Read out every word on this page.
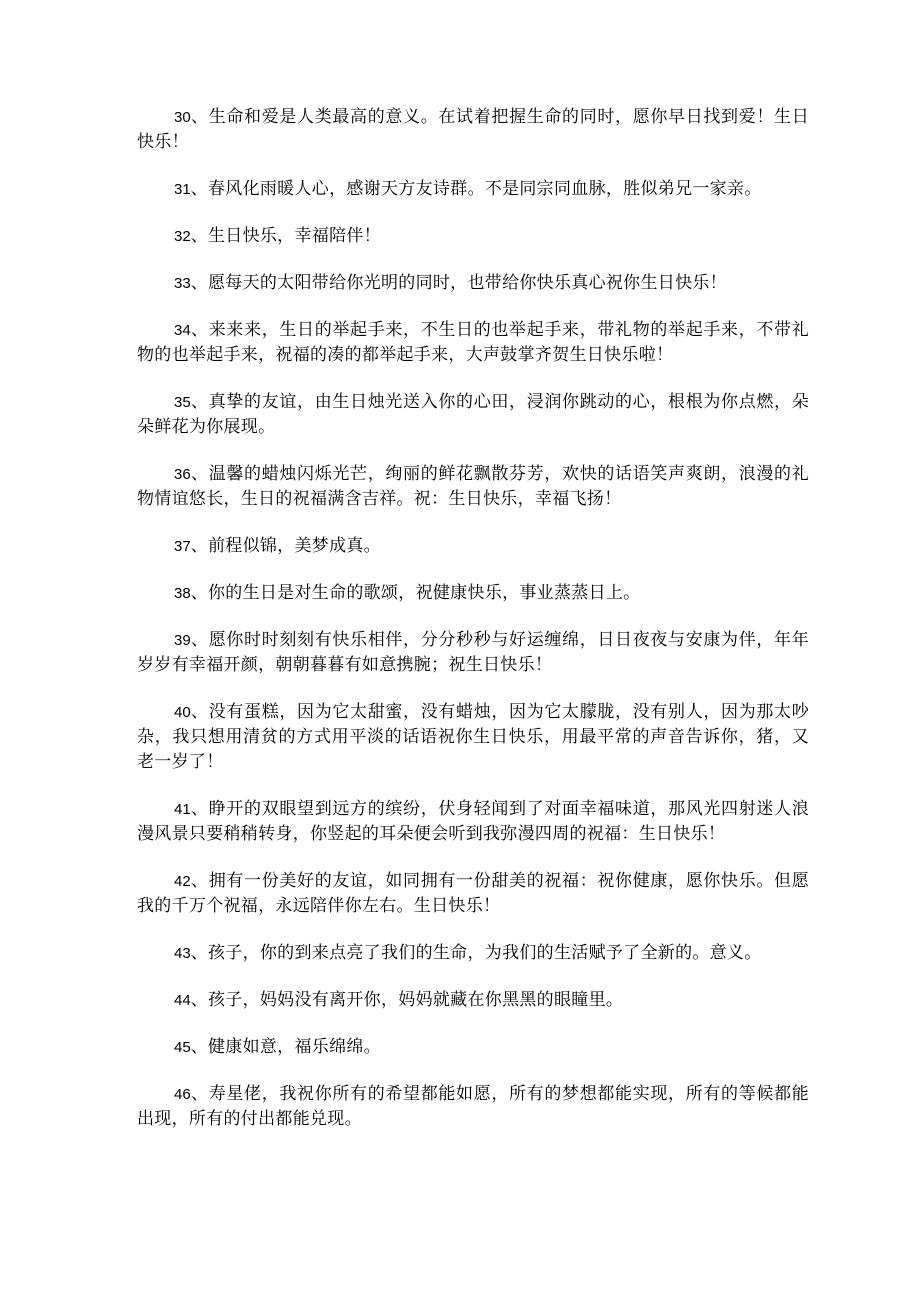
30、生命和爱是人类最高的意义。在试着把握生命的同时，愿你早日找到爱！生日快乐！

31、春风化雨暖人心，感谢天方友诗群。不是同宗同血脉，胜似弟兄一家亲。

32、生日快乐，幸福陪伴！

33、愿每天的太阳带给你光明的同时，也带给你快乐真心祝你生日快乐！

34、来来来，生日的举起手来，不生日的也举起手来，带礼物的举起手来，不带礼物的也举起手来，祝福的凑的都举起手来，大声鼓掌齐贺生日快乐啦！

35、真挚的友谊，由生日烛光送入你的心田，浸润你跳动的心，根根为你点燃，朵朵鲜花为你展现。

36、温馨的蜡烛闪烁光芒，绚丽的鲜花飘散芬芳，欢快的话语笑声爽朗，浪漫的礼物情谊悠长，生日的祝福满含吉祥。祝：生日快乐，幸福飞扬！

37、前程似锦，美梦成真。

38、你的生日是对生命的歌颂，祝健康快乐，事业蒸蒸日上。

39、愿你时时刻刻有快乐相伴，分分秒秒与好运缠绵，日日夜夜与安康为伴，年年岁岁有幸福开颜，朝朝暮暮有如意携腕；祝生日快乐！

40、没有蛋糕，因为它太甜蜜，没有蜡烛，因为它太朦胧，没有别人，因为那太吵杂，我只想用清贫的方式用平淡的话语祝你生日快乐，用最平常的声音告诉你，猪，又老一岁了！

41、睁开的双眼望到远方的缤纷，伏身轻闻到了对面幸福味道，那风光四射迷人浪漫风景只要稍稍转身，你竖起的耳朵便会听到我弥漫四周的祝福：生日快乐！

42、拥有一份美好的友谊，如同拥有一份甜美的祝福：祝你健康，愿你快乐。但愿我的千万个祝福，永远陪伴你左右。生日快乐！

43、孩子，你的到来点亮了我们的生命，为我们的生活赋予了全新的。意义。

44、孩子，妈妈没有离开你，妈妈就藏在你黑黑的眼瞳里。

45、健康如意，福乐绵绵。

46、寿星佬，我祝你所有的希望都能如愿，所有的梦想都能实现，所有的等候都能出现，所有的付出都能兑现。
